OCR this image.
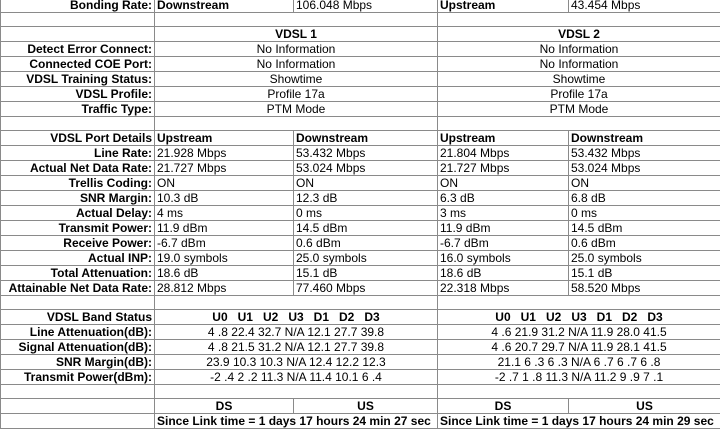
Bonding Rate:	Downstream	106.048 Mbps	Upstream	43.454 Mbps

	VDSL 1		VDSL 2	
Detect Error Connect:	No Information		No Information	
Connected COE Port:	No Information		No Information	
VDSL Training Status:	Showtime		Showtime	
VDSL Profile:	Profile 17a		Profile 17a	
Traffic Type:	PTM Mode		PTM Mode	

VDSL Port Details	Upstream	Downstream	Upstream	Downstream
Line Rate:	21.928 Mbps	53.432 Mbps	21.804 Mbps	53.432 Mbps
Actual Net Data Rate:	21.727 Mbps	53.024 Mbps	21.727 Mbps	53.024 Mbps
Trellis Coding:	ON	ON	ON	ON
SNR Margin:	10.3 dB	12.3 dB	6.3 dB	6.8 dB
Actual Delay:	4 ms	0 ms	3 ms	0 ms
Transmit Power:	11.9 dBm	14.5 dBm	11.9 dBm	14.5 dBm
Receive Power:	-6.7 dBm	0.6 dBm	-6.7 dBm	0.6 dBm
Actual INP:	19.0 symbols	25.0 symbols	16.0 symbols	25.0 symbols
Total Attenuation:	18.6 dB	15.1 dB	18.6 dB	15.1 dB
Attainable Net Data Rate:	28.812 Mbps	77.460 Mbps	22.318 Mbps	58.520 Mbps

VDSL Band Status	U0   U1   U2   U3   D1   D2   D3		U0   U1   U2   U3   D1   D2   D3	
Line Attenuation(dB):	4 .8 22.4 32.7 N/A 12.1 27.7 39.8		4 .6 21.9 31.2 N/A 11.9 28.0 41.5	
Signal Attenuation(dB):	4 .8 21.5 31.2 N/A 12.1 27.7 39.8		4 .6 20.7 29.7 N/A 11.9 28.1 41.5	
SNR Margin(dB):	23.9 10.3 10.3 N/A 12.4 12.2 12.3		21.1 6 .3 6 .3 N/A 6 .7 6 .7 6 .8	
Transmit Power(dBm):	-2 .4 2 .2 11.3 N/A 11.4 10.1 6 .4		-2 .7 1 .8 11.3 N/A 11.2 9 .9 7 .1	

	DS	US	DS	US
	Since Link time = 1 days 17 hours 24 min 27 sec		Since Link time = 1 days 17 hours 24 min 29 sec	
